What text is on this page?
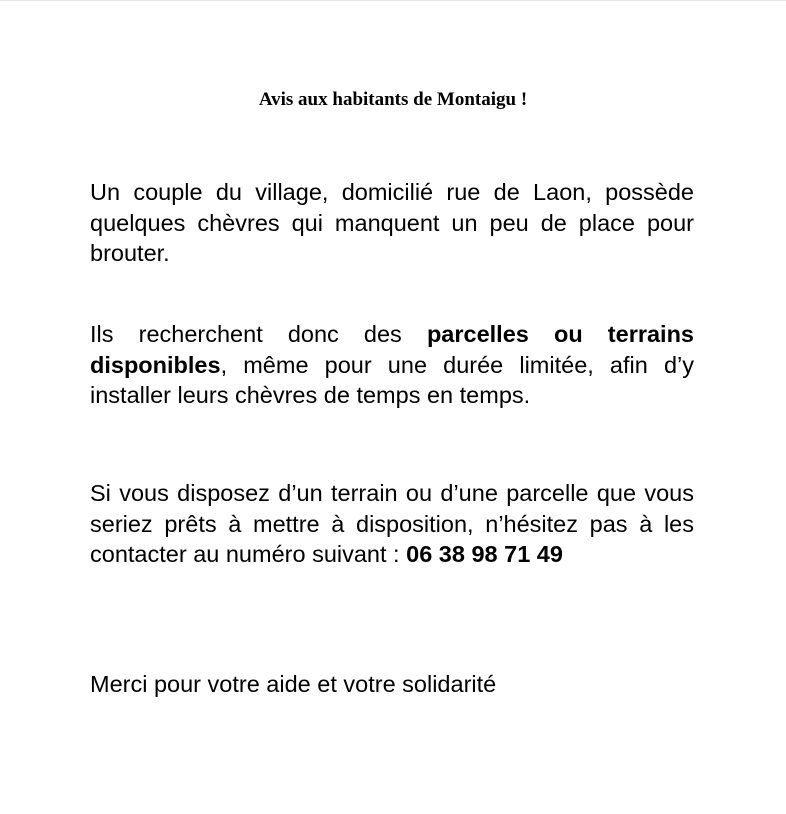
Avis aux habitants de Montaigu !

Un couple du village, domicilié rue de Laon, possède quelques chèvres qui manquent un peu de place pour brouter.

Ils recherchent donc des parcelles ou terrains disponibles, même pour une durée limitée, afin d’y installer leurs chèvres de temps en temps.

Si vous disposez d’un terrain ou d’une parcelle que vous seriez prêts à mettre à disposition, n’hésitez pas à les contacter au numéro suivant : 06 38 98 71 49

Merci pour votre aide et votre solidarité
